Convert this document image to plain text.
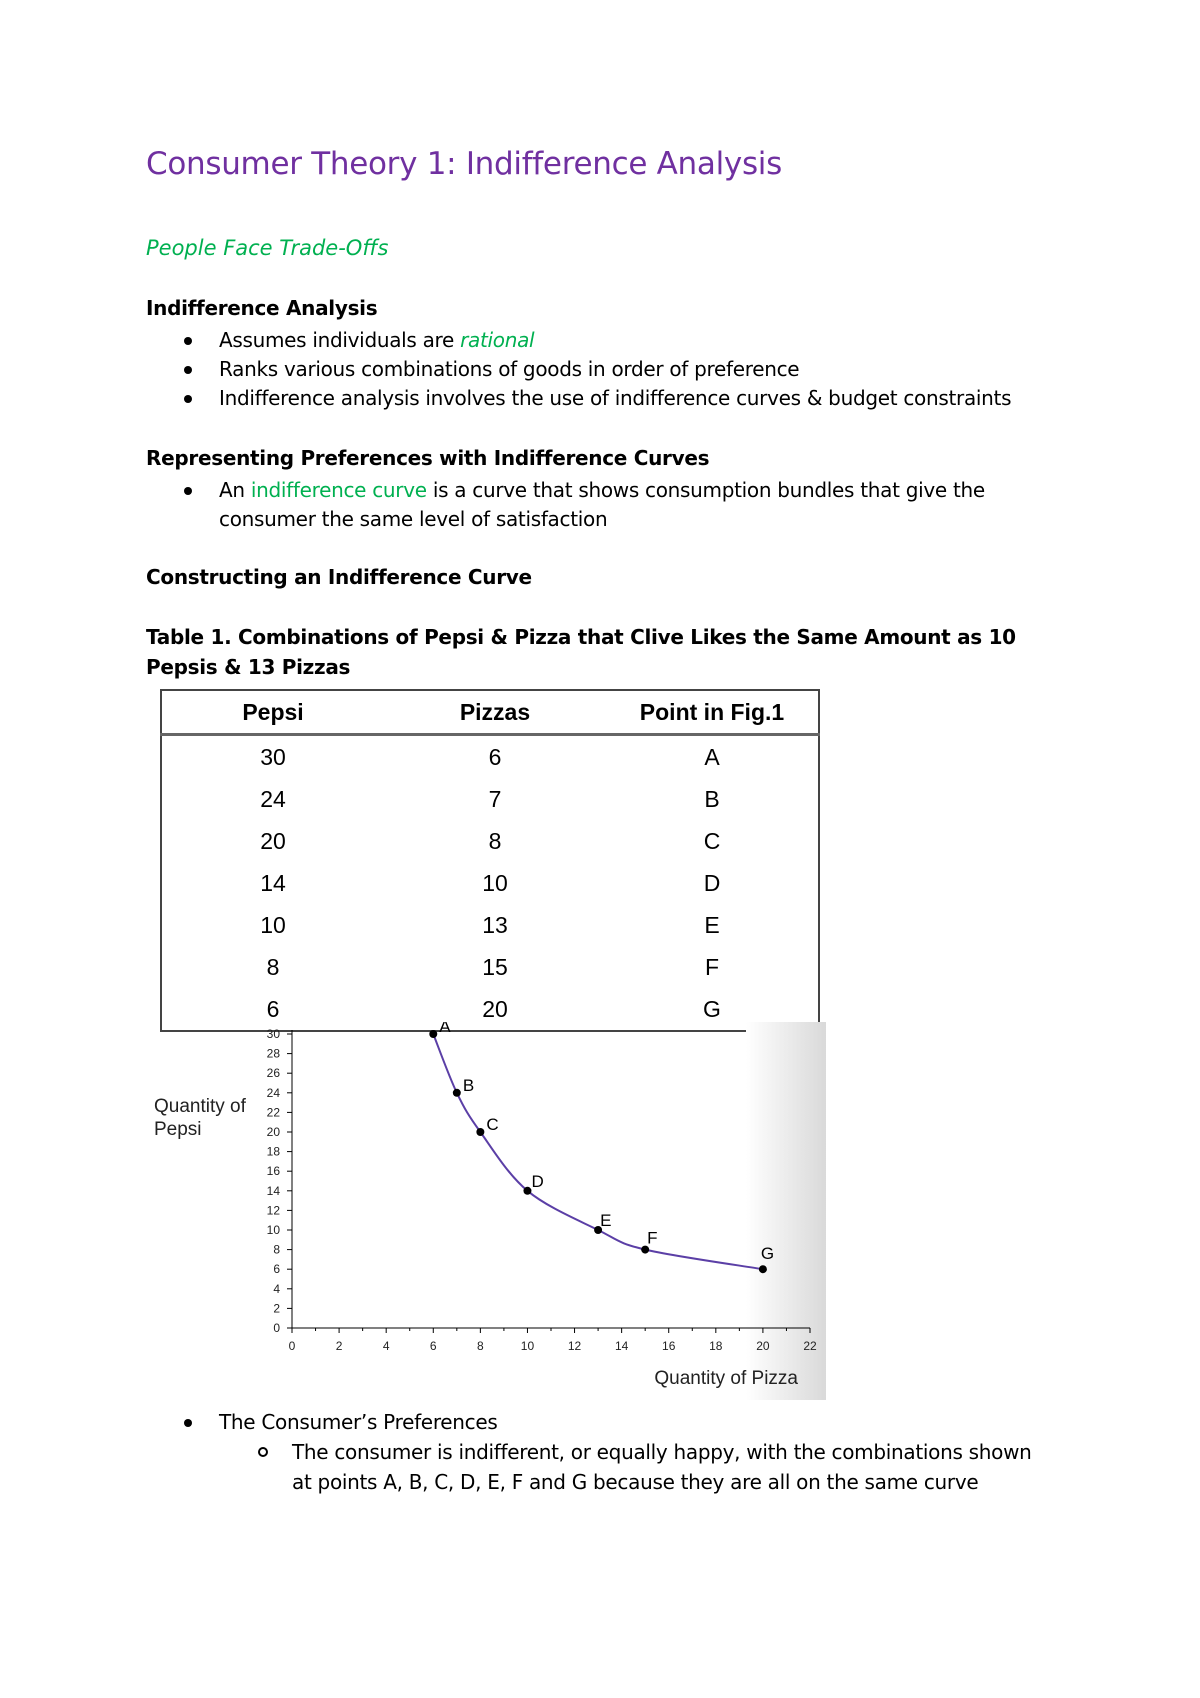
Consumer Theory 1: Indifference Analysis
People Face Trade-Offs
Indifference Analysis
Assumes individuals are rational
Ranks various combinations of goods in order of preference
Indifference analysis involves the use of indifference curves & budget constraints
Representing Preferences with Indifference Curves
An indifference curve is a curve that shows consumption bundles that give the consumer the same level of satisfaction
Constructing an Indifference Curve
Table 1. Combinations of Pepsi & Pizza that Clive Likes the Same Amount as 10 Pepsis & 13 Pizzas
Pepsi	Pizzas	Point in Fig.1
30	6	A
24	7	B
20	8	C
14	10	D
10	13	E
8	15	F
6	20	G
Quantity of
Pepsi
0	2	4	6	8	10	12	14	16	18	20	22
0
2
4
6
8
10
12
14
16
18
20
22
24
26
28
30	A
B
C
D
E
F
G
Quantity of Pizza
The Consumer’s Preferences
The consumer is indifferent, or equally happy, with the combinations shown at points A, B, C, D, E, F and G because they are all on the same curve
